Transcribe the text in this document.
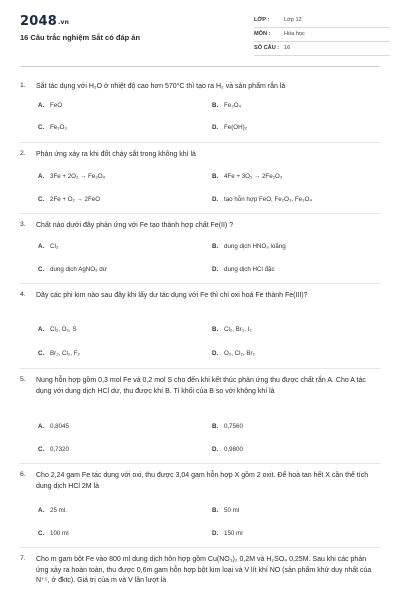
2048.vn
16 Câu trắc nghiệm Sắt có đáp án
LỚP :	Lớp 12
MÔN : Hóa học
SỐ CÂU : 16
1. Sắt tác dụng với H₂O ở nhiệt độ cao hơn 570°C thì tạo ra H₂ và sản phẩm rắn là
A. FeO	B. Fe₃O₄
C. Fe₂O₃	D. Fe(OH)₂
2. Phản ứng xảy ra khi đốt cháy sắt trong không khí là
A. 3Fe + 2O₂ → Fe₃O₄	B. 4Fe + 3O₂ → 2Fe₂O₃
C. 2Fe + O₂ → 2FeO	D. tạo hỗn hợp FeO, Fe₂O₃, Fe₃O₄
3. Chất nào dưới đây phản ứng với Fe tạo thành hợp chất Fe(II) ?
A. Cl₂	B. dung dịch HNO₃ loãng
C. dung dịch AgNO₃ dư	D. dung dịch HCl đặc
4. Dãy các phi kim nào sau đây khi lấy dư tác dụng với Fe thì chỉ oxi hoá Fe thành Fe(III)?
A. Cl₂, O₂, S	B. Cl₂, Br₂, I₂
C. Br₂, Cl₂, F₂	D. O₂, Cl₂, Br₂
5. Nung hỗn hợp gồm 0,3 mol Fe và 0,2 mol S cho đến khi kết thúc phản ứng thu được chất rắn A. Cho A tác dụng với dung dịch HCl dư, thu được khí B. Tỉ khối của B so với không khí là
A. 0,8045	B. 0,7560
C. 0,7320	D. 0,9800
6. Cho 2,24 gam Fe tác dụng với oxi, thu được 3,04 gam hỗn hợp X gồm 2 oxit. Để hoà tan hết X cần thể tích dung dịch HCl 2M là
A. 25 ml.	B. 50 ml
C. 100 ml	D. 150 ml
7. Cho m gam bột Fe vào 800 ml dung dịch hỗn hợp gồm Cu(NO₃)₂ 0,2M và H₂SO₄ 0,25M. Sau khi các phản ứng xảy ra hoàn toàn, thu được 0,6m gam hỗn hợp bột kim loại và V lít khí NO (sản phẩm khử duy nhất của N⁺⁵, ở đktc). Giá trị của m và V lần lượt là
